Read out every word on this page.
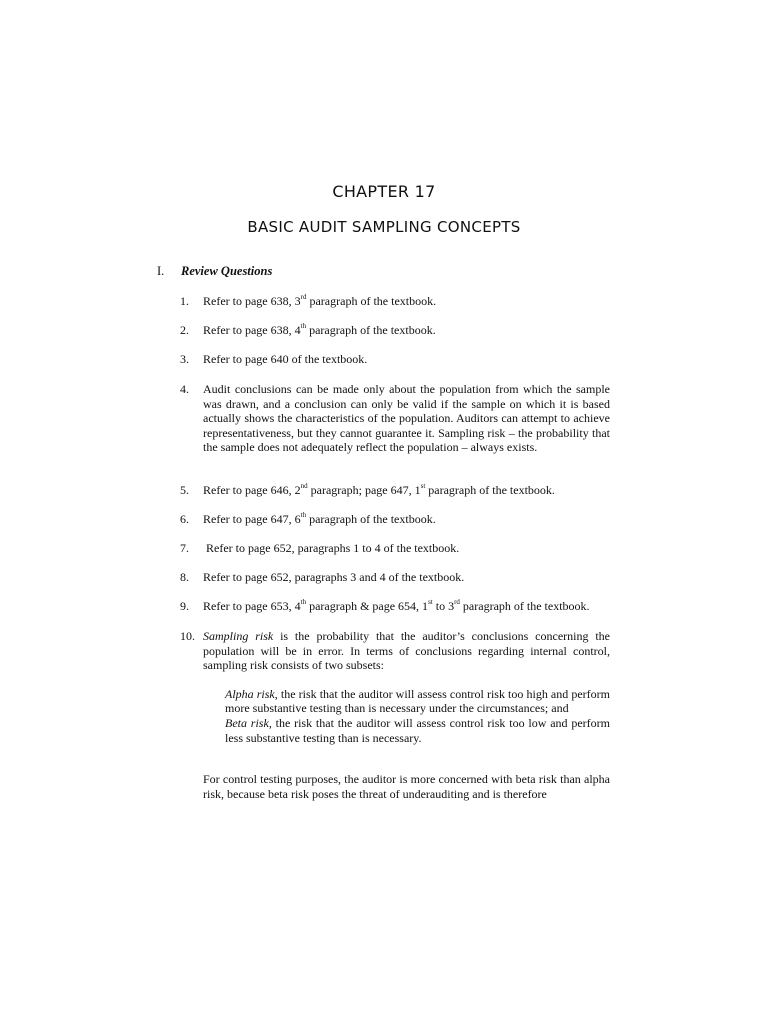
CHAPTER 17
BASIC AUDIT SAMPLING CONCEPTS
I. Review Questions
1. Refer to page 638, 3rd paragraph of the textbook.
2. Refer to page 638, 4th paragraph of the textbook.
3. Refer to page 640 of the textbook.
4. Audit conclusions can be made only about the population from which the sample was drawn, and a conclusion can only be valid if the sample on which it is based actually shows the characteristics of the population. Auditors can attempt to achieve representativeness, but they cannot guarantee it. Sampling risk – the probability that the sample does not adequately reflect the population – always exists.
5. Refer to page 646, 2nd paragraph; page 647, 1st paragraph of the textbook.
6. Refer to page 647, 6th paragraph of the textbook.
7. Refer to page 652, paragraphs 1 to 4 of the textbook.
8. Refer to page 652, paragraphs 3 and 4 of the textbook.
9. Refer to page 653, 4th paragraph & page 654, 1st to 3rd paragraph of the textbook.
10. Sampling risk is the probability that the auditor’s conclusions concerning the population will be in error. In terms of conclusions regarding internal control, sampling risk consists of two subsets:

Alpha risk, the risk that the auditor will assess control risk too high and perform more substantive testing than is necessary under the circumstances; and

Beta risk, the risk that the auditor will assess control risk too low and perform less substantive testing than is necessary.

For control testing purposes, the auditor is more concerned with beta risk than alpha risk, because beta risk poses the threat of underauditing and is therefore
